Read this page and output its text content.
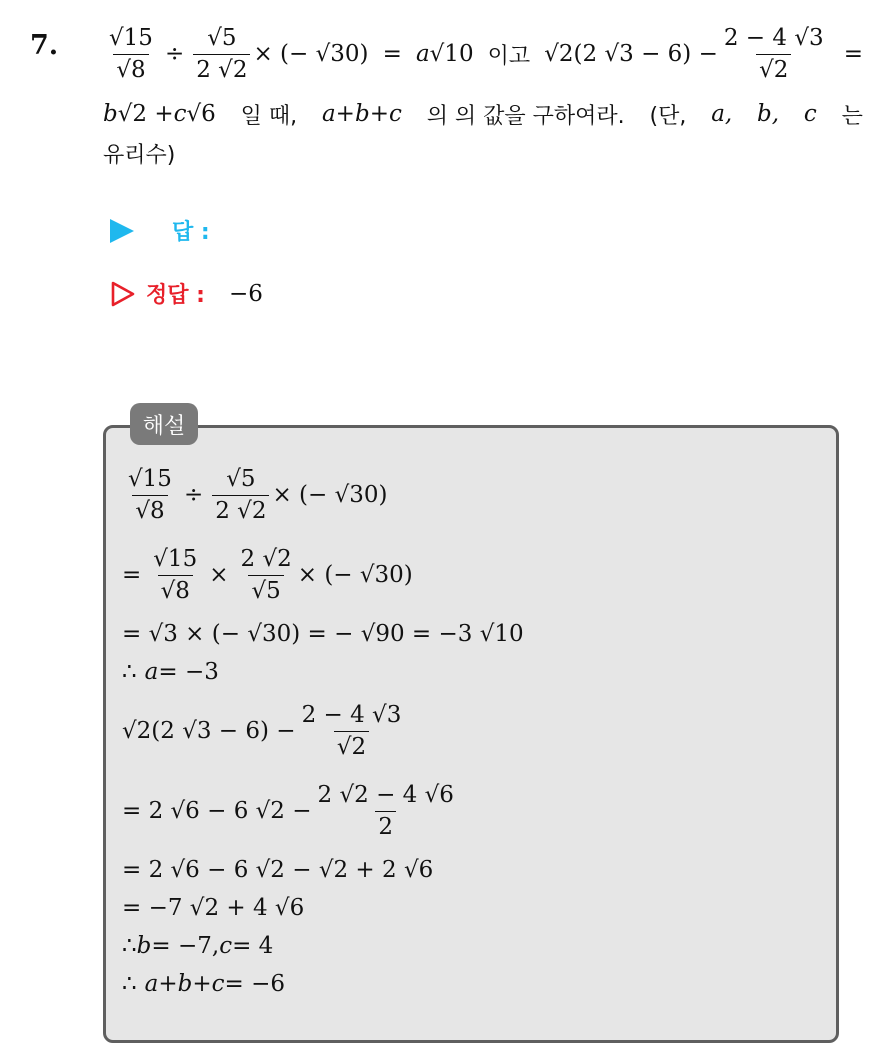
7. $\frac{√15}{√8} \div \frac{√5}{2 √2}$ × (− √30) = a √10 이고 √2(2 $√3 - 6) - \frac{2 - 4 √3}{√2}$ =
b √2 + c √6 일 때, a + b + c 의 의 값을 구하여라. (단, a, b, c 는
유리수)
답 :
정답 : −6
해설
$\frac{√15}{√8} \div \frac{√5}{2 √2}$ × (− √30)
= $\frac{√15}{√8} \times \frac{2 √2}{√5}$ × (− √30)
= √3 × (− √30) = − √90 = −3 √10
∴ a = −3
√2(2 $√3 - 6) - \frac{2 - 4 √3}{√2}$
= 2 √6 − 6 $√2 - \frac{2 √2 - 4 √6}{2}$
= 2 √6 − 6 √2 − √2 + 2 √6
= −7 √2 + 4 √6
∴ b = −7, c = 4
∴ a + b + c = −6
